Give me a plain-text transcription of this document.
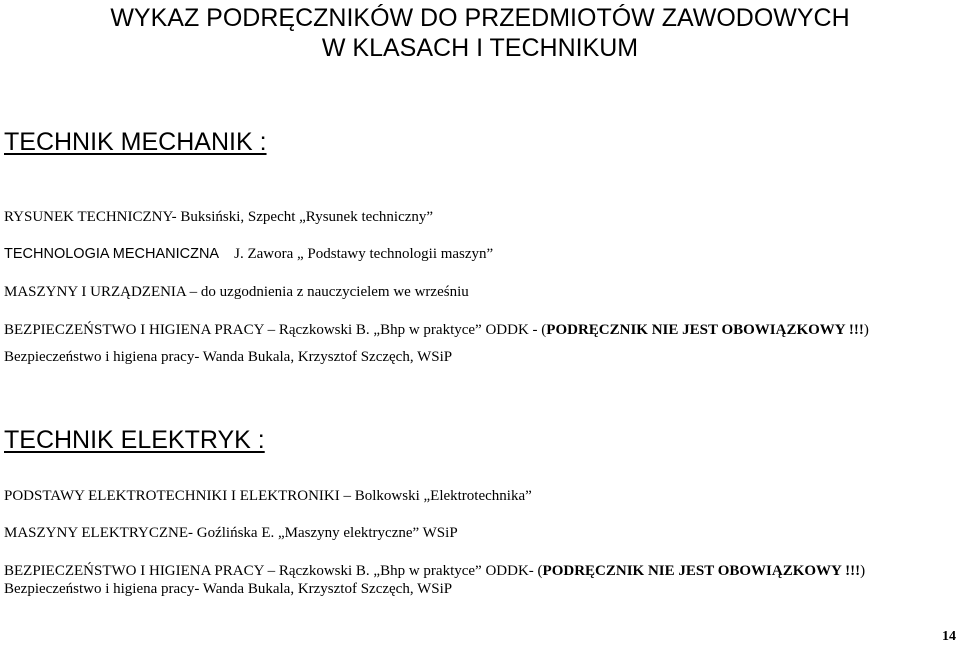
WYKAZ PODRĘCZNIKÓW DO PRZEDMIOTÓW ZAWODOWYCH
W KLASACH I TECHNIKUM
TECHNIK MECHANIK :
RYSUNEK TECHNICZNY- Buksiński, Szpecht „Rysunek techniczny”
TECHNOLOGIA MECHANICZNA J. Zawora „ Podstawy technologii maszyn”
MASZYNY I URZĄDZENIA – do uzgodnienia z nauczycielem we wrześniu
BEZPIECZEŃSTWO I HIGIENA PRACY – Rączkowski B. „Bhp w praktyce” ODDK - (PODRĘCZNIK NIE JEST OBOWIĄZKOWY !!!)
Bezpieczeństwo i higiena pracy- Wanda Bukala, Krzysztof Szczęch, WSiP
TECHNIK ELEKTRYK :
PODSTAWY ELEKTROTECHNIKI I ELEKTRONIKI – Bolkowski „Elektrotechnika”
MASZYNY ELEKTRYCZNE- Goźlińska E. „Maszyny elektryczne” WSiP
BEZPIECZEŃSTWO I HIGIENA PRACY – Rączkowski B. „Bhp w praktyce” ODDK- (PODRĘCZNIK NIE JEST OBOWIĄZKOWY !!!)
Bezpieczeństwo i higiena pracy- Wanda Bukala, Krzysztof Szczęch, WSiP
14
